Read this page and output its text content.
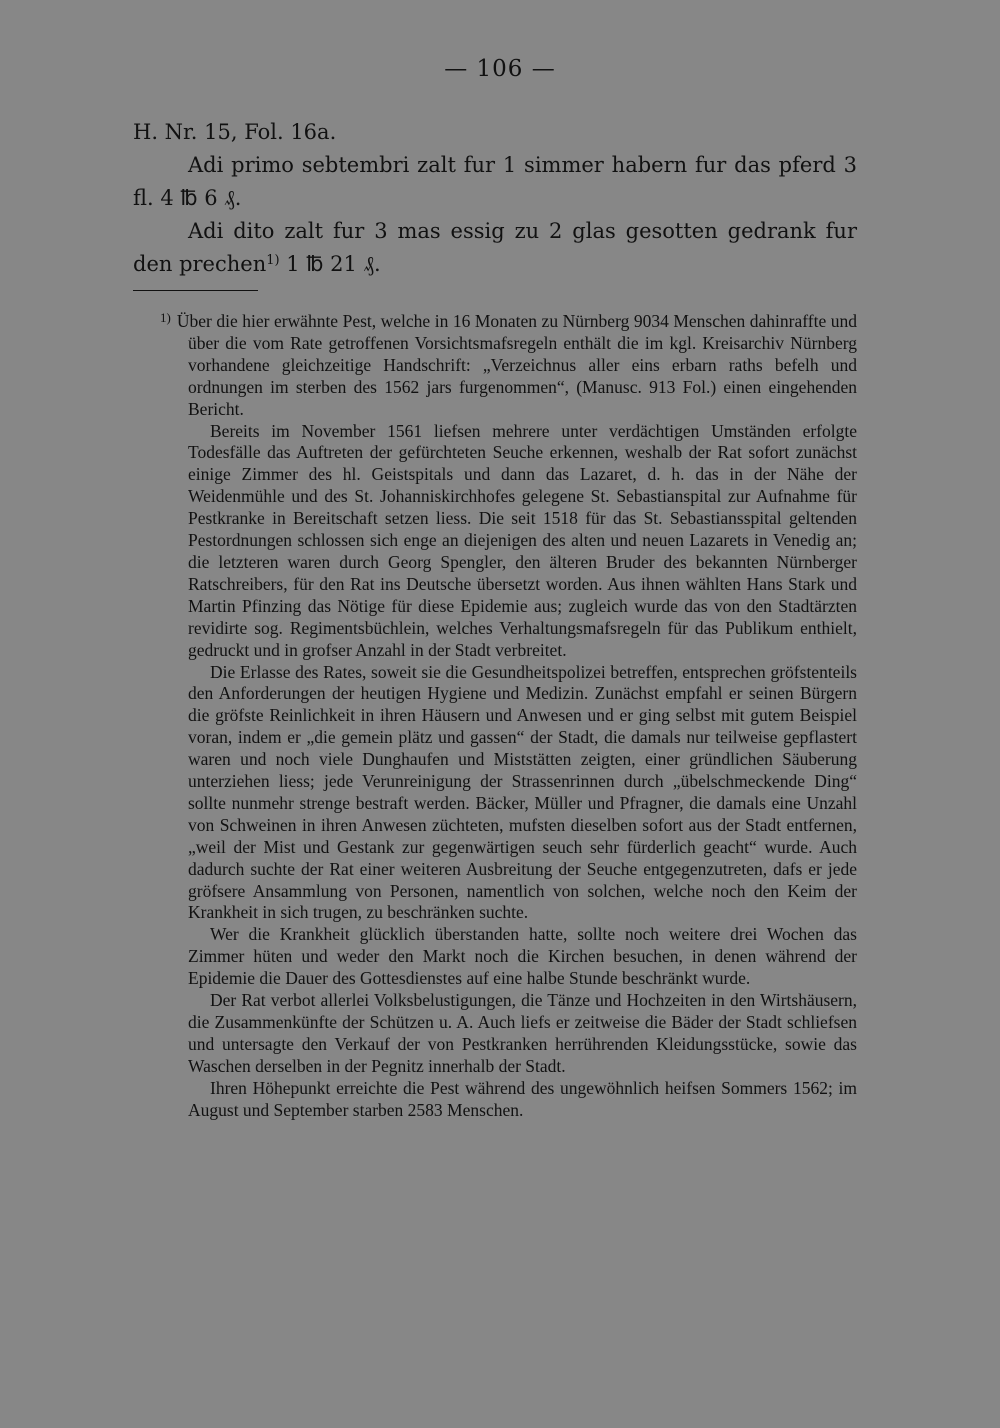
— 106 —

H. Nr. 15, Fol. 16a.

Adi primo sebtembri zalt fur 1 simmer habern fur das pferd 3 fl. 4 ℔ 6 ₰.

Adi dito zalt fur 3 mas essig zu 2 glas gesotten gedrank fur den prechen$^{1)}$ 1 ℔ 21 ₰.

$^{1)}$ Über die hier erwähnte Pest, welche in 16 Monaten zu Nürnberg 9034 Menschen dahinraffte und über die vom Rate getroffenen Vorsichtsmafsregeln enthält die im kgl. Kreisarchiv Nürnberg vorhandene gleichzeitige Handschrift: „Verzeichnus aller eins erbarn raths befelh und ordnungen im sterben des 1562 jars furgenommen“, (Manusc. 913 Fol.) einen eingehenden Bericht.

Bereits im November 1561 liefsen mehrere unter verdächtigen Umständen erfolgte Todesfälle das Auftreten der gefürchteten Seuche erkennen, weshalb der Rat sofort zunächst einige Zimmer des hl. Geistspitals und dann das Lazaret, d. h. das in der Nähe der Weidenmühle und des St. Johanniskirchhofes gelegene St. Sebastianspital zur Aufnahme für Pestkranke in Bereitschaft setzen liess. Die seit 1518 für das St. Sebastiansspital geltenden Pestordnungen schlossen sich enge an diejenigen des alten und neuen Lazarets in Venedig an; die letzteren waren durch Georg Spengler, den älteren Bruder des bekannten Nürnberger Ratschreibers, für den Rat ins Deutsche übersetzt worden. Aus ihnen wählten Hans Stark und Martin Pfinzing das Nötige für diese Epidemie aus; zugleich wurde das von den Stadtärzten revidirte sog. Regimentsbüchlein, welches Verhaltungsmafsregeln für das Publikum enthielt, gedruckt und in grofser Anzahl in der Stadt verbreitet.

Die Erlasse des Rates, soweit sie die Gesundheitspolizei betreffen, entsprechen gröfstenteils den Anforderungen der heutigen Hygiene und Medizin. Zunächst empfahl er seinen Bürgern die gröfste Reinlichkeit in ihren Häusern und Anwesen und er ging selbst mit gutem Beispiel voran, indem er „die gemein plätz und gassen“ der Stadt, die damals nur teilweise gepflastert waren und noch viele Dunghaufen und Miststätten zeigten, einer gründlichen Säuberung unterziehen liess; jede Verunreinigung der Strassenrinnen durch „übelschmeckende Ding“ sollte nunmehr strenge bestraft werden. Bäcker, Müller und Pfragner, die damals eine Unzahl von Schweinen in ihren Anwesen züchteten, mufsten dieselben sofort aus der Stadt entfernen, „weil der Mist und Gestank zur gegenwärtigen seuch sehr fürderlich geacht“ wurde. Auch dadurch suchte der Rat einer weiteren Ausbreitung der Seuche entgegenzutreten, dafs er jede gröfsere Ansammlung von Personen, namentlich von solchen, welche noch den Keim der Krankheit in sich trugen, zu beschränken suchte.

Wer die Krankheit glücklich überstanden hatte, sollte noch weitere drei Wochen das Zimmer hüten und weder den Markt noch die Kirchen besuchen, in denen während der Epidemie die Dauer des Gottesdienstes auf eine halbe Stunde beschränkt wurde.

Der Rat verbot allerlei Volksbelustigungen, die Tänze und Hochzeiten in den Wirtshäusern, die Zusammenkünfte der Schützen u. A. Auch liefs er zeitweise die Bäder der Stadt schliefsen und untersagte den Verkauf der von Pestkranken herrührenden Kleidungsstücke, sowie das Waschen derselben in der Pegnitz innerhalb der Stadt.

Ihren Höhepunkt erreichte die Pest während des ungewöhnlich heifsen Sommers 1562; im August und September starben 2583 Menschen.
